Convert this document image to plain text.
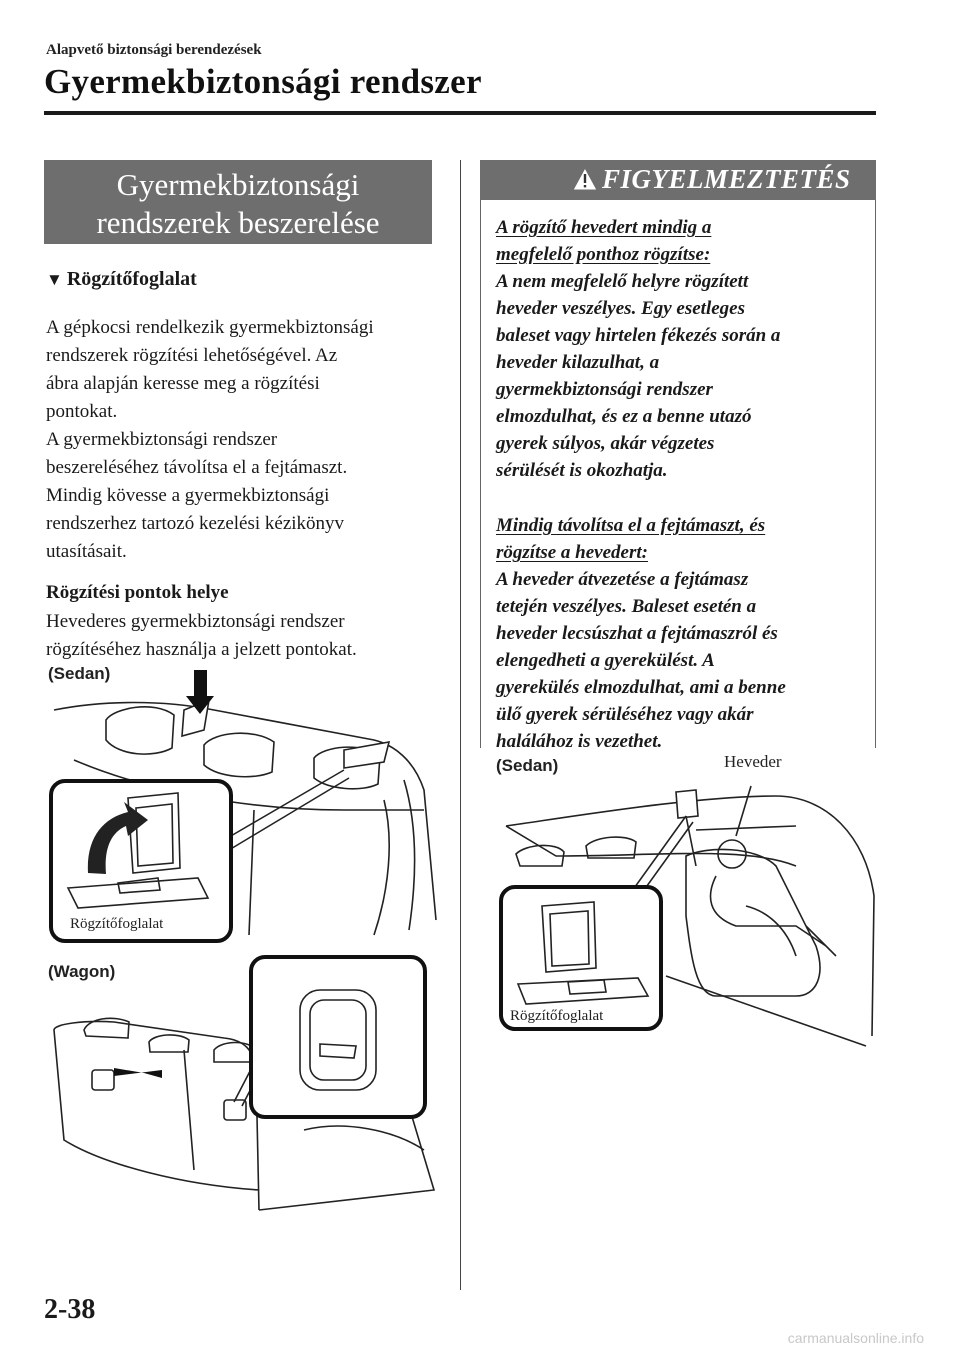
Alapvető biztonsági berendezések
Gyermekbiztonsági rendszer
Gyermekbiztonsági
rendszerek beszerelése
▼ Rögzítőfoglalat
A gépkocsi rendelkezik gyermekbiztonsági
rendszerek rögzítési lehetőségével. Az
ábra alapján keresse meg a rögzítési
pontokat.
A gyermekbiztonsági rendszer
beszereléséhez távolítsa el a fejtámaszt.
Mindig kövesse a gyermekbiztonsági
rendszerhez tartozó kezelési kézikönyv
utasításait.
Rögzítési pontok helye
Hevederes gyermekbiztonsági rendszer
rögzítéséhez használja a jelzett pontokat.
(Sedan)
Rögzítőfoglalat
(Wagon)
FIGYELMEZTETÉS
A rögzítő hevedert mindig a
megfelelő ponthoz rögzítse:
A nem megfelelő helyre rögzített
heveder veszélyes. Egy esetleges
baleset vagy hirtelen fékezés során a
heveder kilazulhat, a
gyermekbiztonsági rendszer
elmozdulhat, és ez a benne utazó
gyerek súlyos, akár végzetes
sérülését is okozhatja.
Mindig távolítsa el a fejtámaszt, és
rögzítse a hevedert:
A heveder átvezetése a fejtámasz
tetején veszélyes. Baleset esetén a
heveder lecsúszhat a fejtámaszról és
elengedheti a gyerekülést. A
gyerekülés elmozdulhat, ami a benne
ülő gyerek sérüléséhez vagy akár
halálához is vezethet.
(Sedan)	Heveder
Rögzítőfoglalat
2-38
carmanualsonline.info
